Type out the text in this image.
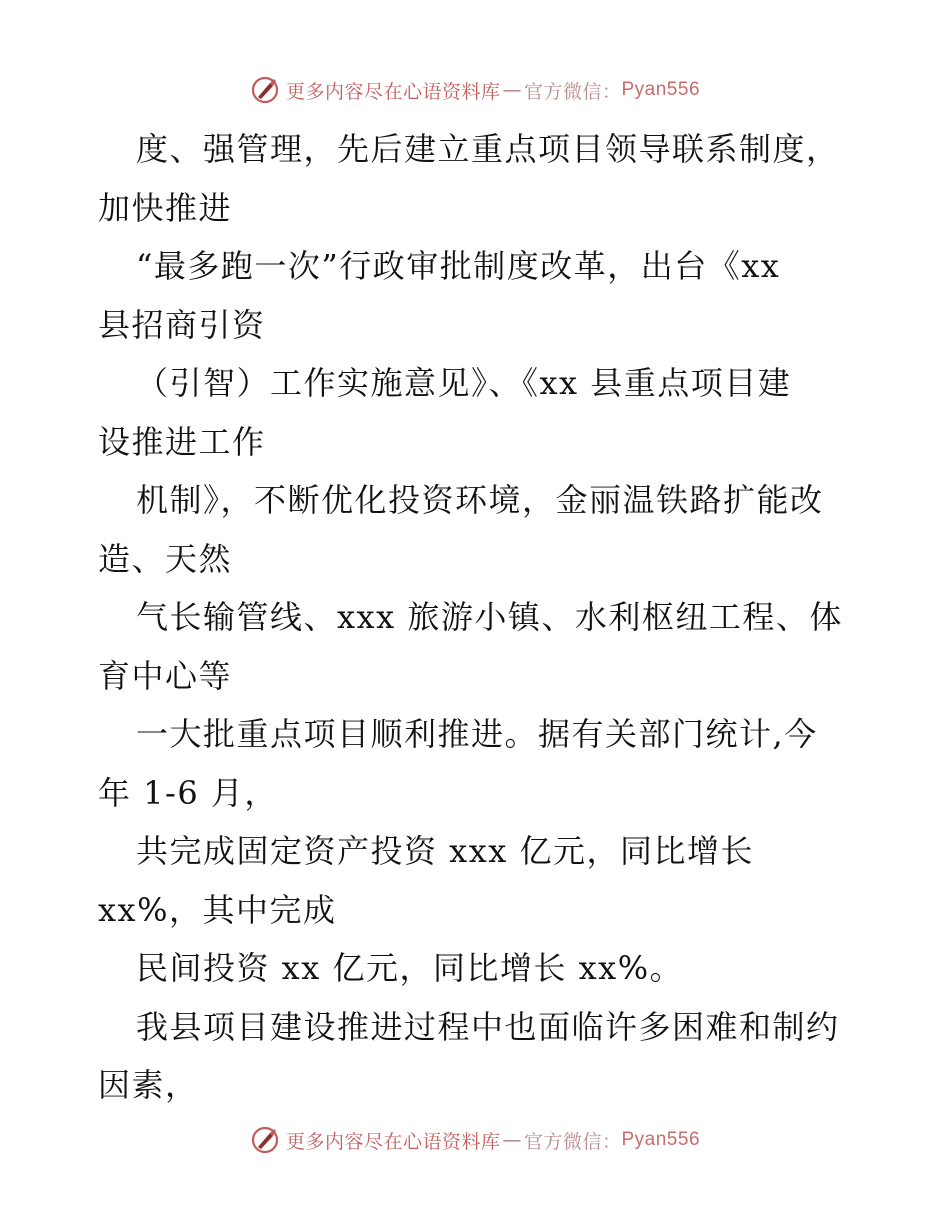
更多内容尽在心语资料库 — 官方微信： Pyan556
度、强管理，先后建立重点项目领导联系制度，
加快推进
“最多跑一次”行政审批制度改革，出台《xx
县招商引资
（引智）工作实施意见》、《xx 县重点项目建
设推进工作
机制》，不断优化投资环境，金丽温铁路扩能改
造、天然
气长输管线、xxx 旅游小镇、水利枢纽工程、体
育中心等
一大批重点项目顺利推进。据有关部门统计,今
年 1-6 月，
共完成固定资产投资 xxx 亿元，同比增长
xx%，其中完成
民间投资 xx 亿元，同比增长 xx%。
我县项目建设推进过程中也面临许多困难和制约
因素，
更多内容尽在心语资料库 — 官方微信： Pyan556
